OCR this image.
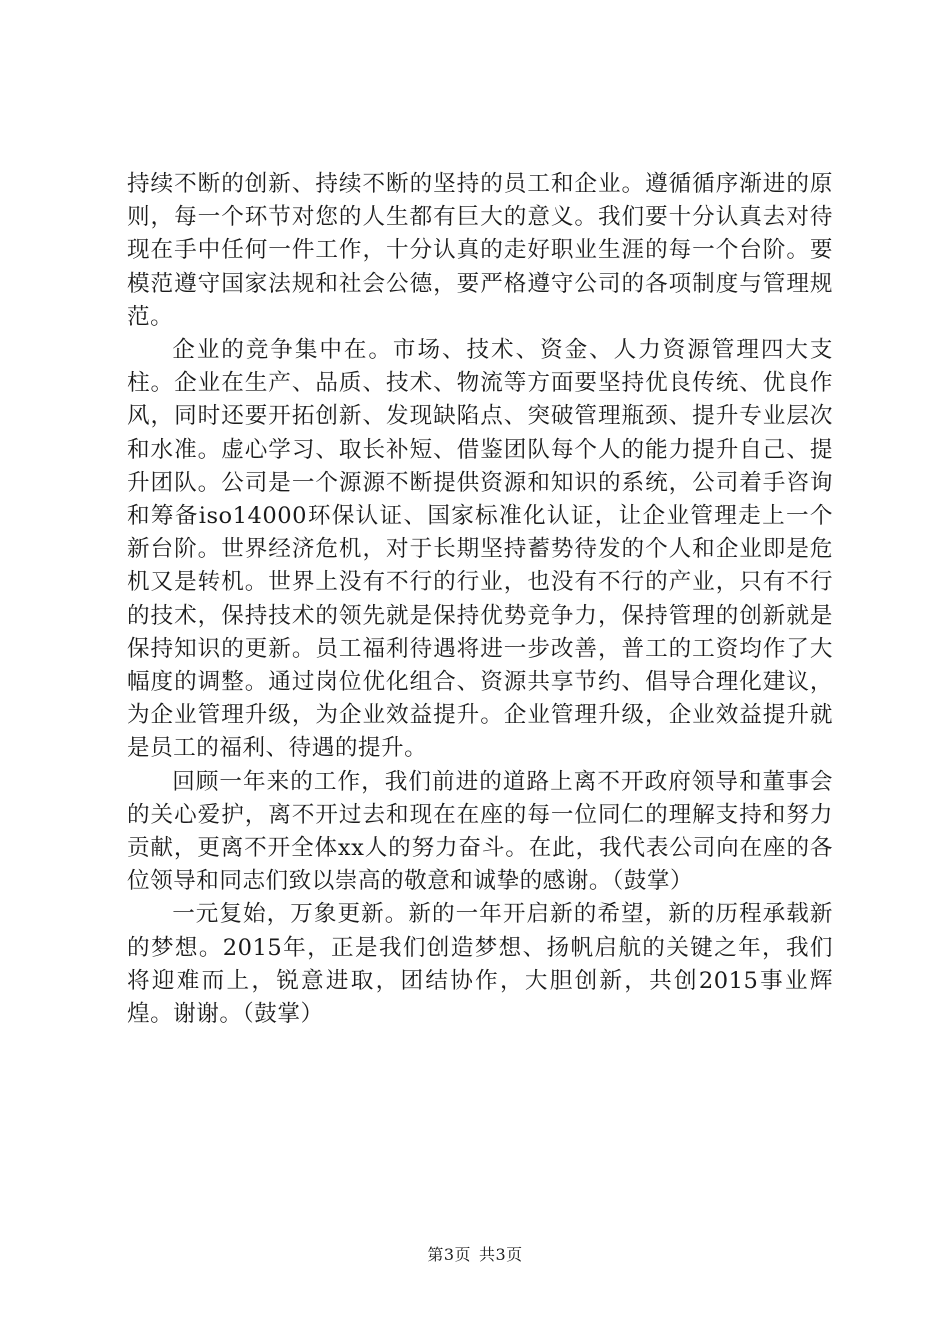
持续不断的创新、持续不断的坚持的员工和企业。遵循循序渐进的原则，每一个环节对您的人生都有巨大的意义。我们要十分认真去对待现在手中任何一件工作，十分认真的走好职业生涯的每一个台阶。要模范遵守国家法规和社会公德，要严格遵守公司的各项制度与管理规范。

企业的竞争集中在。市场、技术、资金、人力资源管理四大支柱。企业在生产、品质、技术、物流等方面要坚持优良传统、优良作风，同时还要开拓创新、发现缺陷点、突破管理瓶颈、提升专业层次和水准。虚心学习、取长补短、借鉴团队每个人的能力提升自己、提升团队。公司是一个源源不断提供资源和知识的系统，公司着手咨询和筹备iso14000环保认证、国家标准化认证，让企业管理走上一个新台阶。世界经济危机，对于长期坚持蓄势待发的个人和企业即是危机又是转机。世界上没有不行的行业，也没有不行的产业，只有不行的技术，保持技术的领先就是保持优势竞争力，保持管理的创新就是保持知识的更新。员工福利待遇将进一步改善，普工的工资均作了大幅度的调整。通过岗位优化组合、资源共享节约、倡导合理化建议，为企业管理升级，为企业效益提升。企业管理升级，企业效益提升就是员工的福利、待遇的提升。

回顾一年来的工作，我们前进的道路上离不开政府领导和董事会的关心爱护，离不开过去和现在在座的每一位同仁的理解支持和努力贡献，更离不开全体xx人的努力奋斗。在此，我代表公司向在座的各位领导和同志们致以崇高的敬意和诚挚的感谢。（鼓掌）

一元复始，万象更新。新的一年开启新的希望，新的历程承载新的梦想。2015年，正是我们创造梦想、扬帆启航的关键之年，我们将迎难而上，锐意进取，团结协作，大胆创新，共创2015事业辉煌。谢谢。（鼓掌）

第3页 共3页
